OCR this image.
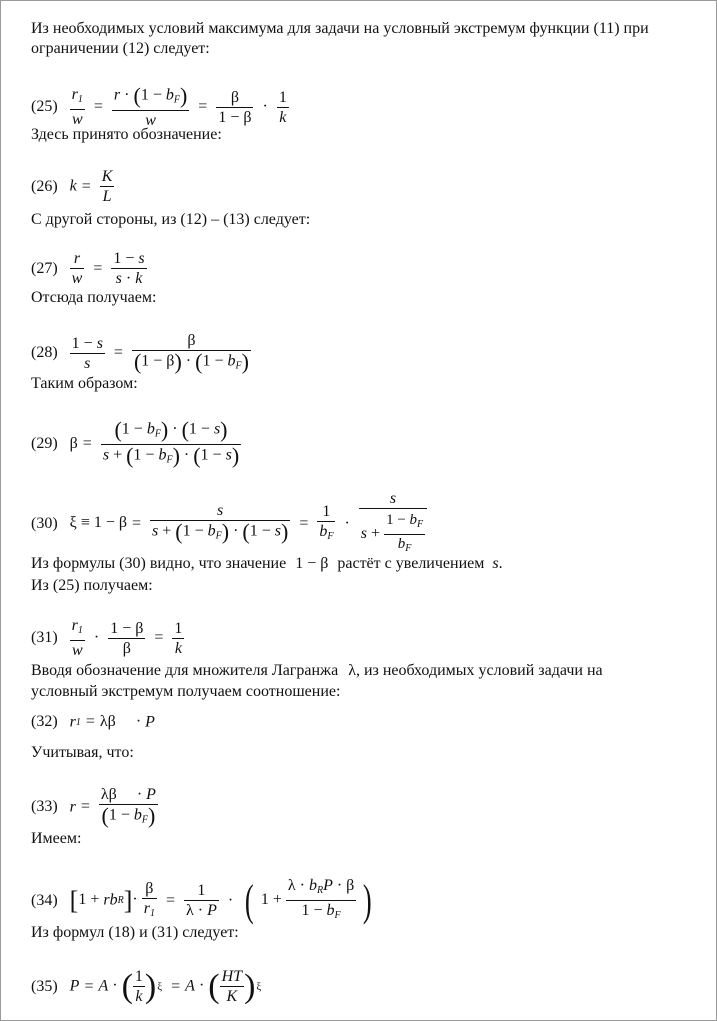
Из необходимых условий максимума для задачи на условный экстремум функции (11) при
ограничении (12) следует:
$(25) \frac{r_1}{w} = \frac{r \cdot (1 - b_F)}{w} = \frac{\beta}{1 - \beta} \cdot \frac{1}{k}$
Здесь принято обозначение:
(26) $k = \frac{K}{L}$
С другой стороны, из (12) – (13) следует:
$(27) \frac{r}{w} = \frac{1 - s}{s \cdot k}$
Отсюда получаем:
$(28) \frac{1 - s}{s} = \frac{\beta}{(1 - \beta) \cdot (1 - b_F)}$
Таким образом:
(29) $\beta = \frac{(1 - b_F) \cdot (1 - s)}{s + (1 - b_F) \cdot (1 - s)}$
(30) $\xi \equiv 1 - \beta = \frac{s}{s + (1 - b_F) \cdot (1 - s)} = \frac{1}{b_F}$ ·
s
$s + \frac{1 - b_F}{b_F}$
Из формулы (30) видно, что значение 1 − β растёт с увеличением s.
Из (25) получаем:
$(31) \frac{r_1}{w} \cdot \frac{1 - \beta}{\beta} = \frac{1}{k}$
Вводя обозначение для множителя Лагранжа λ, из необходимых условий задачи на
условный экстремум получаем соотношение:
(32) r1 = λβ     · P
Учитывая, что:
(33) $r = \frac{\lambda\beta \cdot P}{(1 - b_F)}$
Имеем:
(34) $[1 + rbR]\cdot \frac{\beta}{r_1} = \frac{1}{\lambda \cdot P}$ · ( 1 +
$\lambda \cdot b_RP \cdot \beta$
$1 - b_F$ )
Из формул (18) и (31) следует:
(35) P = A · ( $\frac{1}{k} )\xi = A$ · ( $\frac{HT}{K} )\xi$
